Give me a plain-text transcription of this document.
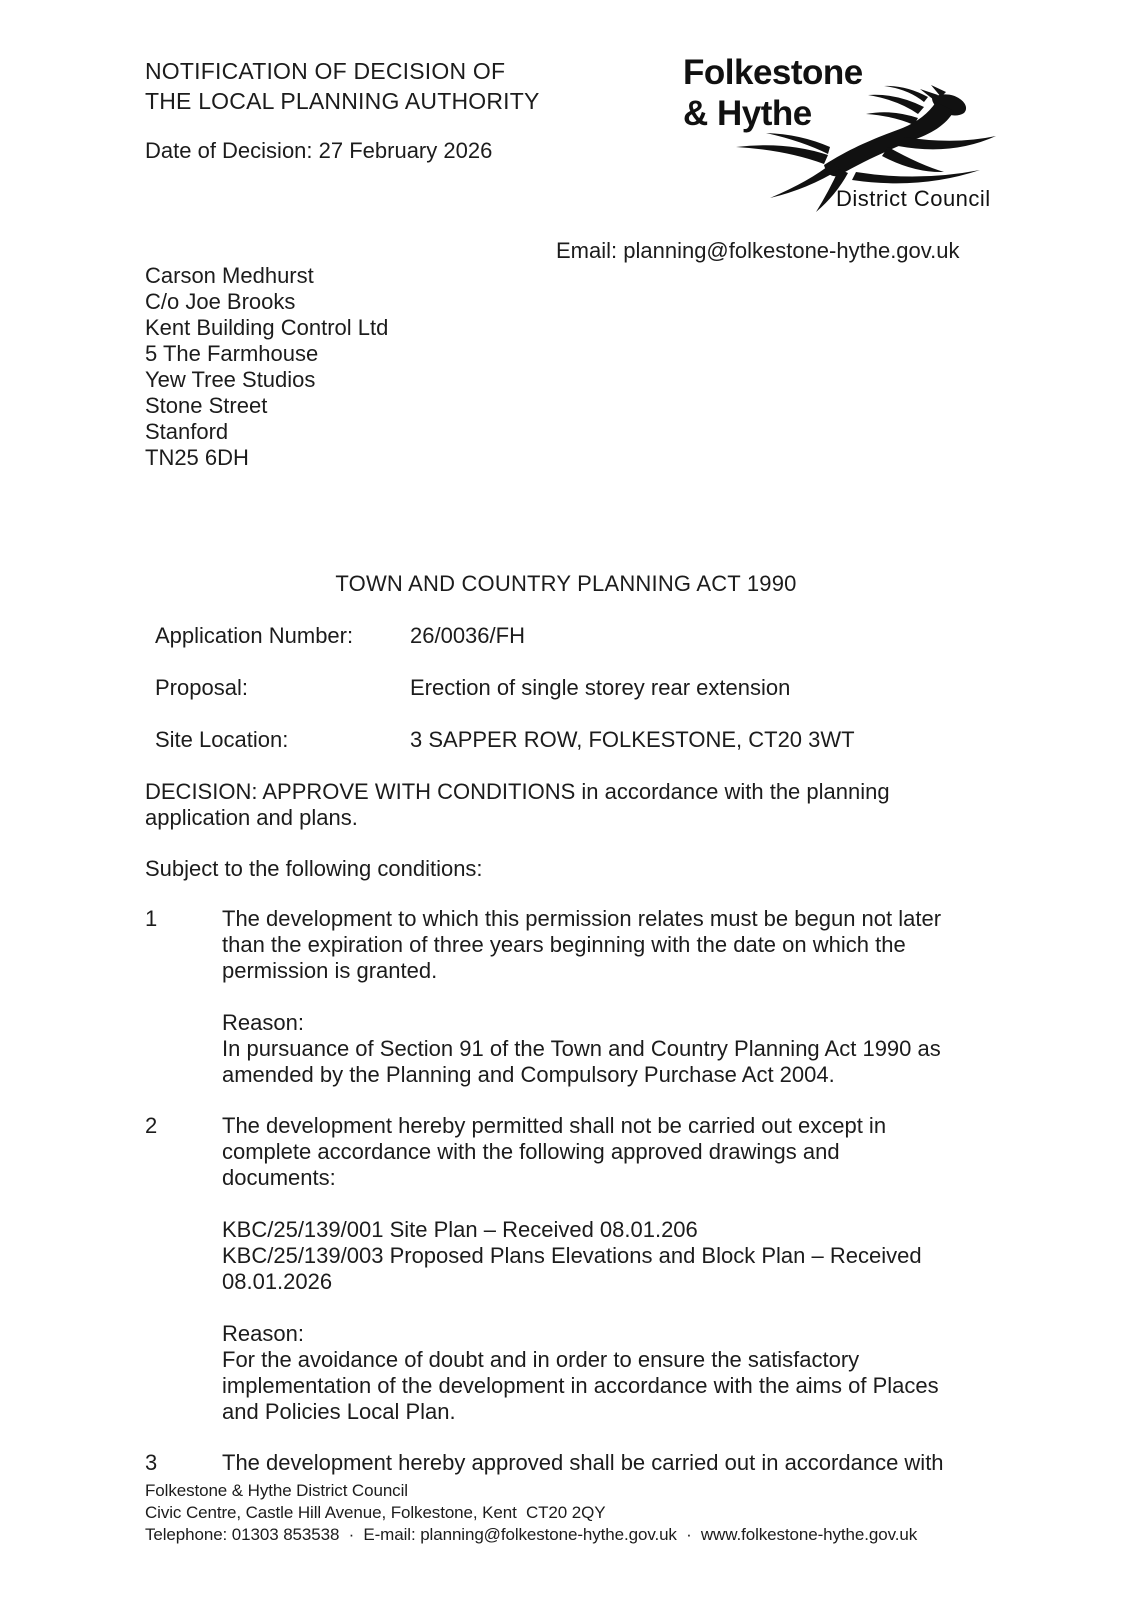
NOTIFICATION OF DECISION OF
THE LOCAL PLANNING AUTHORITY
Date of Decision: 27 February 2026
Folkestone
& Hythe
District Council
Email: planning@folkestone-hythe.gov.uk
Carson Medhurst
C/o Joe Brooks
Kent Building Control Ltd
5 The Farmhouse
Yew Tree Studios
Stone Street
Stanford
TN25 6DH
TOWN AND COUNTRY PLANNING ACT 1990
Application Number:	26/0036/FH
Proposal:	Erection of single storey rear extension
Site Location:	3 SAPPER ROW, FOLKESTONE, CT20 3WT
DECISION: APPROVE WITH CONDITIONS in accordance with the planning
application and plans.
Subject to the following conditions:
1	The development to which this permission relates must be begun not later
than the expiration of three years beginning with the date on which the
permission is granted.
Reason:
In pursuance of Section 91 of the Town and Country Planning Act 1990 as
amended by the Planning and Compulsory Purchase Act 2004.
2	The development hereby permitted shall not be carried out except in
complete accordance with the following approved drawings and
documents:
KBC/25/139/001 Site Plan – Received 08.01.206
KBC/25/139/003 Proposed Plans Elevations and Block Plan – Received
08.01.2026
Reason:
For the avoidance of doubt and in order to ensure the satisfactory
implementation of the development in accordance with the aims of Places
and Policies Local Plan.
3	The development hereby approved shall be carried out in accordance with
Folkestone & Hythe District Council
Civic Centre, Castle Hill Avenue, Folkestone, Kent  CT20 2QY
Telephone: 01303 853538  ·  E-mail: planning@folkestone-hythe.gov.uk  ·  www.folkestone-hythe.gov.uk
